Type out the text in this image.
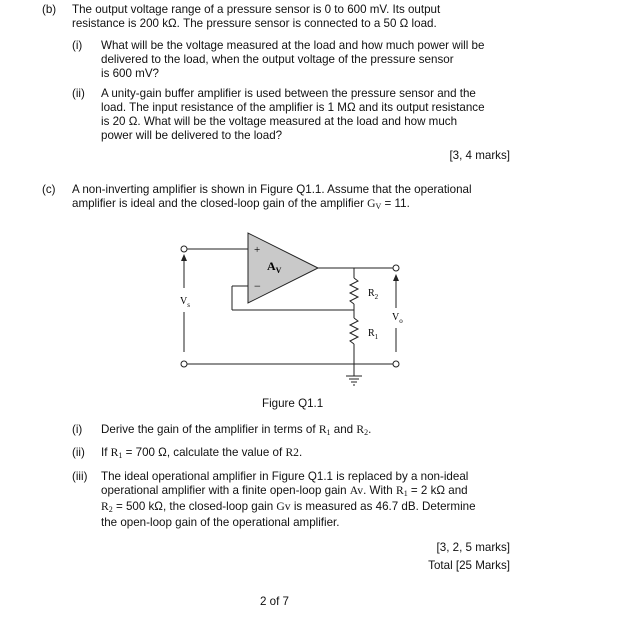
(b)	The output voltage range of a pressure sensor is 0 to 600 mV. Its output
resistance is 200 kΩ. The pressure sensor is connected to a 50 Ω load.
(i)	What will be the voltage measured at the load and how much power will be
delivered to the load, when the output voltage of the pressure sensor
is 600 mV?
(ii)	A unity-gain buffer amplifier is used between the pressure sensor and the
load. The input resistance of the amplifier is 1 MΩ and its output resistance
is 20 Ω. What will be the voltage measured at the load and how much
power will be delivered to the load?
[3, 4 marks]
(c)	A non-inverting amplifier is shown in Figure Q1.1. Assume that the operational
amplifier is ideal and the closed-loop gain of the amplifier $G_V = 11$.
+
−
$A_V$
$V_s$
$R_2$
$R_1$
$V_o$
Figure Q1.1
(i)	Derive the gain of the amplifier in terms of $R_1$ and $R_2$.
(ii)	If $R_1 = 700$ Ω, calculate the value of R2.
(iii)	The ideal operational amplifier in Figure Q1.1 is replaced by a non-ideal
operational amplifier with a finite open-loop gain Av. With $R_1 = 2$ kΩ and
$R_2 = 500$ kΩ, the closed-loop gain Gv is measured as 46.7 dB. Determine
the open-loop gain of the operational amplifier.
[3, 2, 5 marks]
Total [25 Marks]
2 of 7
